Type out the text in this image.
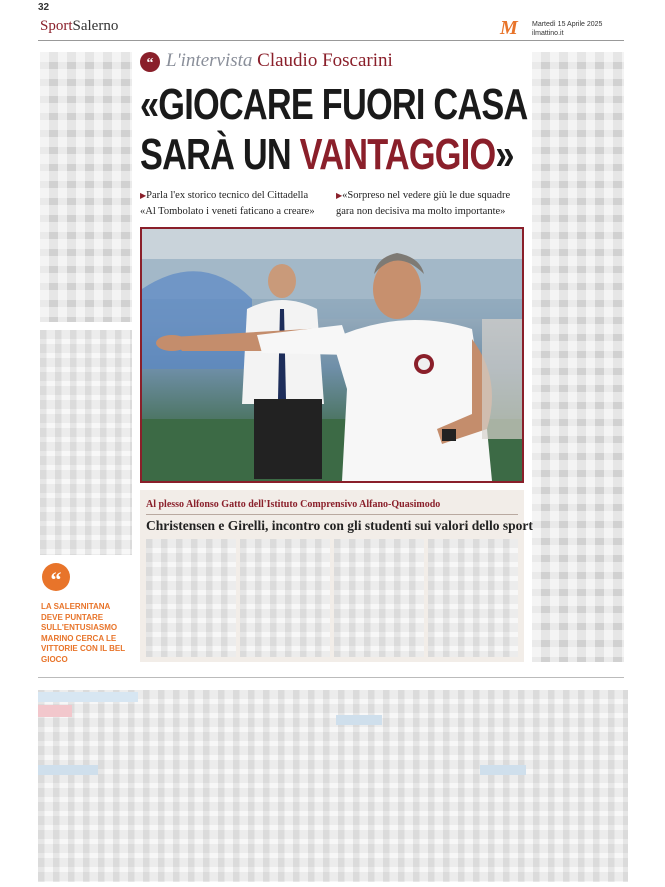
32
SportSalerno	M Martedì 15 Aprile 2025
ilmattino.it
“ L'intervista Claudio Foscarini
«GIOCARE FUORI CASA
SARÀ UN VANTAGGIO»
▶Parla l'ex storico tecnico del Cittadella
«Al Tombolato i veneti faticano a creare»
▶«Sorpreso nel vedere giù le due squadre
gara non decisiva ma molto importante»
Al plesso Alfonso Gatto dell'Istituto Comprensivo Alfano-Quasimodo
Christensen e Girelli, incontro con gli studenti sui valori dello sport
“
LA SALERNITANA DEVE PUNTARE SULL'ENTUSIASMO MARINO CERCA LE VITTORIE CON IL BEL GIOCO
